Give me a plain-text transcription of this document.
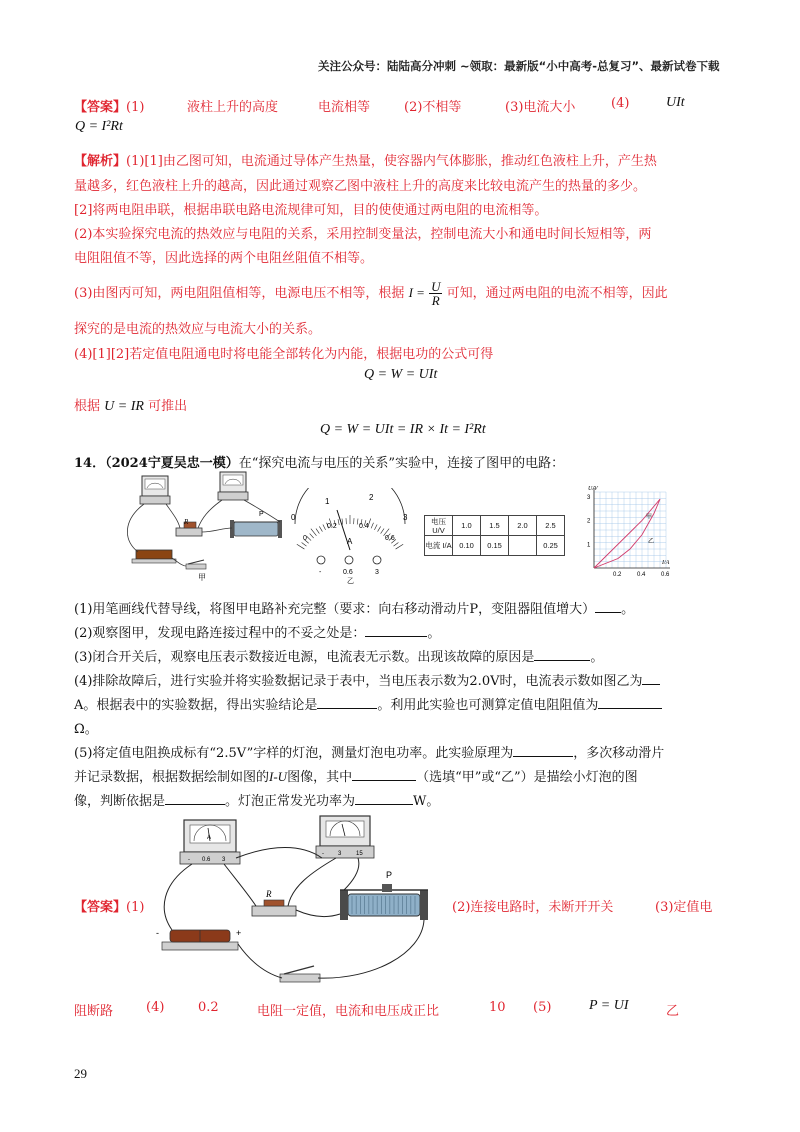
关注公众号：陆陆高分冲刺 ~领取：最新版“小中高考-总复习”、最新试卷下载
【答案】(1)	液柱上升的高度	电流相等	(2)不相等	(3)电流大小	(4)	UIt
Q = I²Rt
【解析】(1)[1]由乙图可知，电流通过导体产生热量，使容器内气体膨胀，推动红色液柱上升，产生热
量越多，红色液柱上升的越高，因此通过观察乙图中液柱上升的高度来比较电流产生的热量的多少。
[2]将两电阻串联，根据串联电路电流规律可知，目的使使通过两电阻的电流相等。
(2)本实验探究电流的热效应与电阻的关系，采用控制变量法，控制电流大小和通电时间长短相等，两
电阻阻值不等，因此选择的两个电阻丝阻值不相等。
(3)由图丙可知，两电阻阻值相等，电源电压不相等，根据 $I = \frac{U}{R}$ 可知，通过两电阻的电流不相等，因此
探究的是电流的热效应与电流大小的关系。
(4)[1][2]若定值电阻通电时将电能全部转化为内能，根据电功的公式可得
Q = W = UIt
根据 U = IR 可推出
Q = W = UIt = IR × It = I²Rt
14．（2024宁夏吴忠一模）在“探究电流与电压的关系”实验中，连接了图甲的电路：
R
P
甲
0
1	2
3
0
0.2	0.4
0.6
A
-	0.6	3
乙
电压 U/V	1.0	1.5	2.0	2.5
电流 I/A	0.10	0.15		0.25
U/V
I/A
0.2	0.4	0.6
1
2
3
甲
乙
(1)用笔画线代替导线，将图甲电路补充完整（要求：向右移动滑动片P，变阻器阻值增大） 。
(2)观察图甲，发现电路连接过程中的不妥之处是：	。
(3)闭合开关后，观察电压表示数接近电源，电流表无示数。出现该故障的原因是	。
(4)排除故障后，进行实验并将实验数据记录于表中，当电压表示数为2.0V时，电流表示数如图乙为
A。根据表中的实验数据，得出实验结论是	。利用此实验也可测算定值电阻阻值为
Ω。
(5)将定值电阻换成标有“2.5V”字样的灯泡，测量灯泡电功率。此实验原理为	，多次移动滑片
并记录数据，根据数据绘制如图的I-U图像，其中	（选填“甲”或“乙”）是描绘小灯泡的图
像，判断依据是	。灯泡正常发光功率为	W。
A
- 0.6 3
- 3 15
R
P
-	+
【答案】(1)	(2)连接电路时，未断开开关	(3)定值电
阻断路	(4)	0.2	电阻一定值，电流和电压成正比	10 (5)	P = UI	乙
29
